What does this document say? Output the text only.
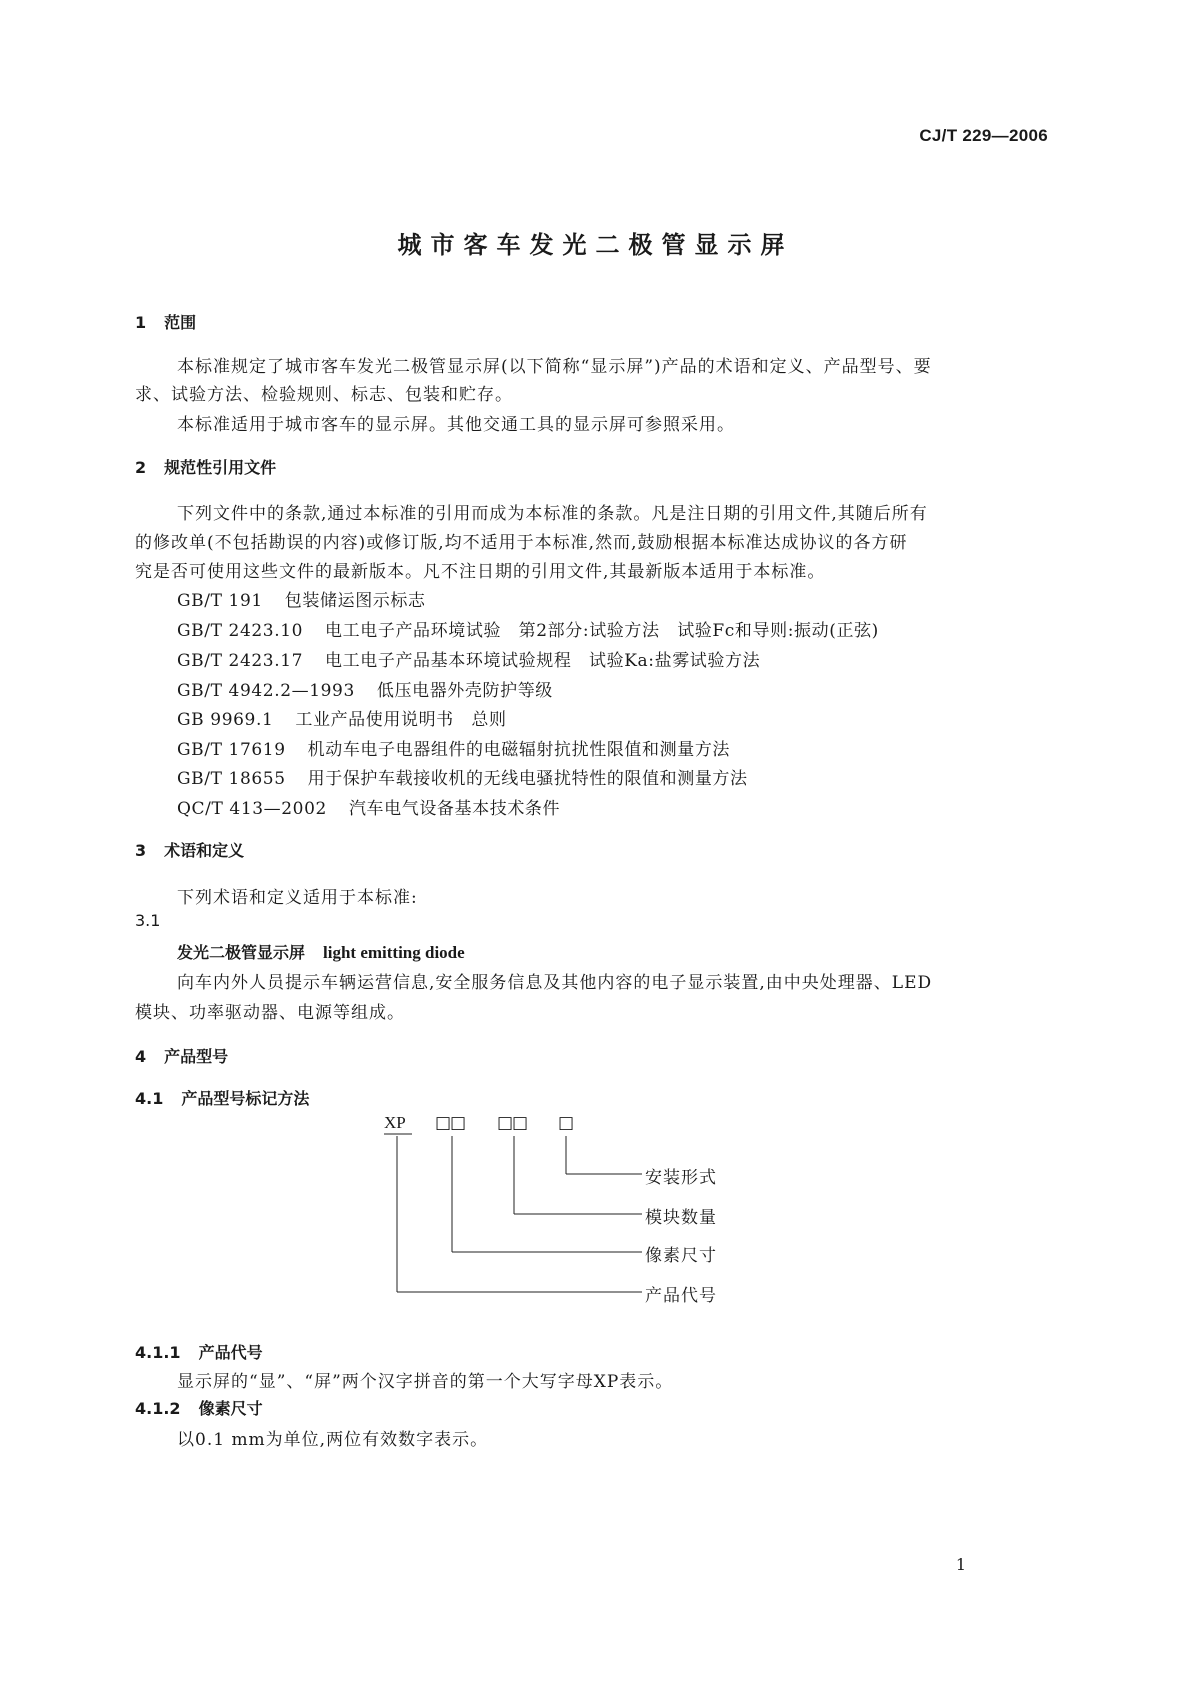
CJ/T 229—2006
城市客车发光二极管显示屏
1 范围
本标准规定了城市客车发光二极管显示屏(以下简称“显示屏”)产品的术语和定义、产品型号、要
求、试验方法、检验规则、标志、包装和贮存。
本标准适用于城市客车的显示屏。其他交通工具的显示屏可参照采用。
2 规范性引用文件
下列文件中的条款,通过本标准的引用而成为本标准的条款。凡是注日期的引用文件,其随后所有
的修改单(不包括勘误的内容)或修订版,均不适用于本标准,然而,鼓励根据本标准达成协议的各方研
究是否可使用这些文件的最新版本。凡不注日期的引用文件,其最新版本适用于本标准。
GB/T 191 包装储运图示标志
GB/T 2423.10 电工电子产品环境试验　第2部分:试验方法　试验Fc和导则:振动(正弦)
GB/T 2423.17 电工电子产品基本环境试验规程　试验Ka:盐雾试验方法
GB/T 4942.2—1993 低压电器外壳防护等级
GB 9969.1 工业产品使用说明书　总则
GB/T 17619 机动车电子电器组件的电磁辐射抗扰性限值和测量方法
GB/T 18655 用于保护车载接收机的无线电骚扰特性的限值和测量方法
QC/T 413—2002 汽车电气设备基本技术条件
3 术语和定义
下列术语和定义适用于本标准:
3.1
发光二极管显示屏 light emitting diode
向车内外人员提示车辆运营信息,安全服务信息及其他内容的电子显示装置,由中央处理器、LED
模块、功率驱动器、电源等组成。
4 产品型号
4.1 产品型号标记方法
XP □□ □□ □
安装形式
模块数量
像素尺寸
产品代号
4.1.1 产品代号
显示屏的“显”、“屏”两个汉字拼音的第一个大写字母XP表示。
4.1.2 像素尺寸
以0.1 mm为单位,两位有效数字表示。
1
